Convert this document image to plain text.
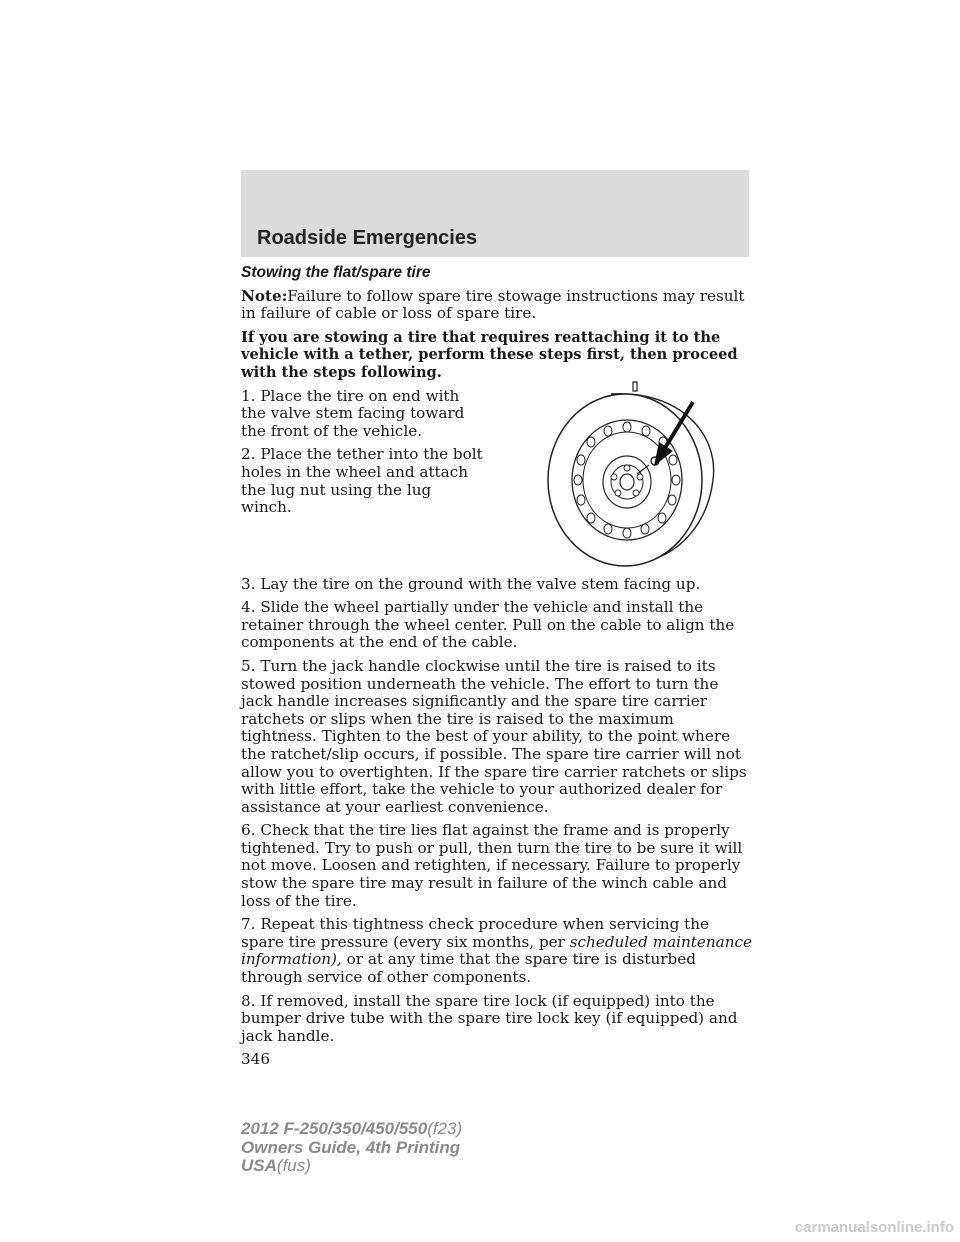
Roadside Emergencies

Stowing the flat/spare tire

Note:Failure to follow spare tire stowage instructions may result in failure of cable or loss of spare tire.

If you are stowing a tire that requires reattaching it to the vehicle with a tether, perform these steps first, then proceed with the steps following.

1. Place the tire on end with the valve stem facing toward the front of the vehicle.

2. Place the tether into the bolt holes in the wheel and attach the lug nut using the lug winch.

3. Lay the tire on the ground with the valve stem facing up.

4. Slide the wheel partially under the vehicle and install the retainer through the wheel center. Pull on the cable to align the components at the end of the cable.

5. Turn the jack handle clockwise until the tire is raised to its stowed position underneath the vehicle. The effort to turn the jack handle increases significantly and the spare tire carrier ratchets or slips when the tire is raised to the maximum tightness. Tighten to the best of your ability, to the point where the ratchet/slip occurs, if possible. The spare tire carrier will not allow you to overtighten. If the spare tire carrier ratchets or slips with little effort, take the vehicle to your authorized dealer for assistance at your earliest convenience.

6. Check that the tire lies flat against the frame and is properly tightened. Try to push or pull, then turn the tire to be sure it will not move. Loosen and retighten, if necessary. Failure to properly stow the spare tire may result in failure of the winch cable and loss of the tire.

7. Repeat this tightness check procedure when servicing the spare tire pressure (every six months, per scheduled maintenance information), or at any time that the spare tire is disturbed through service of other components.

8. If removed, install the spare tire lock (if equipped) into the bumper drive tube with the spare tire lock key (if equipped) and jack handle.

346
2012 F-250/350/450/550(f23)
Owners Guide, 4th Printing
USA(fus)
carmanualsonline.info
